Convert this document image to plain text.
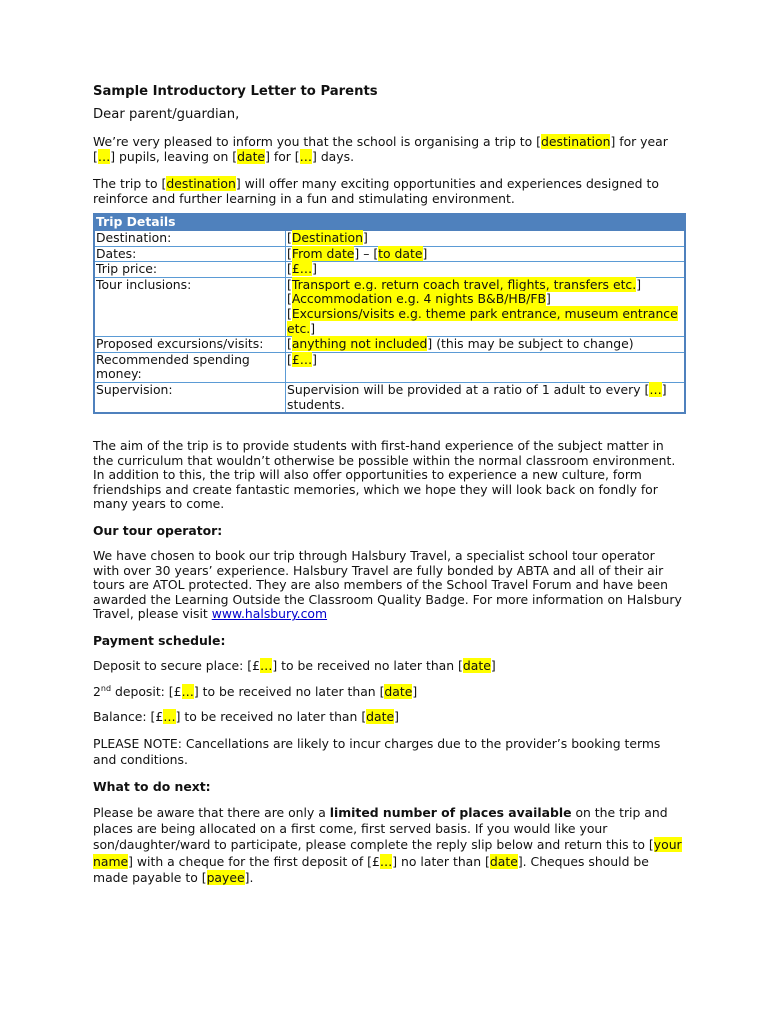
Sample Introductory Letter to Parents

Dear parent/guardian,

We’re very pleased to inform you that the school is organising a trip to [destination] for year […] pupils, leaving on [date] for […] days.

The trip to [destination] will offer many exciting opportunities and experiences designed to reinforce and further learning in a fun and stimulating environment.

Trip Details	
Destination:	[Destination]
Dates:	[From date] – [to date]
Trip price:	[£…]
Tour inclusions:	[Transport e.g. return coach travel, flights, transfers etc.]
[Accommodation e.g. 4 nights B&B/HB/FB]
[Excursions/visits e.g. theme park entrance, museum entrance etc.]

Proposed excursions/visits:	[anything not included] (this may be subject to change)
Recommended spending money:	[£…]
Supervision:	Supervision will be provided at a ratio of 1 adult to every […] students.

The aim of the trip is to provide students with first-hand experience of the subject matter in the curriculum that wouldn’t otherwise be possible within the normal classroom environment. In addition to this, the trip will also offer opportunities to experience a new culture, form friendships and create fantastic memories, which we hope they will look back on fondly for many years to come.

Our tour operator:

We have chosen to book our trip through Halsbury Travel, a specialist school tour operator with over 30 years’ experience. Halsbury Travel are fully bonded by ABTA and all of their air tours are ATOL protected. They are also members of the School Travel Forum and have been awarded the Learning Outside the Classroom Quality Badge. For more information on Halsbury Travel, please visit www.halsbury.com

Payment schedule:

Deposit to secure place: [£…] to be received no later than [date]

2nd deposit: [£…] to be received no later than [date]

Balance: [£…] to be received no later than [date]

PLEASE NOTE: Cancellations are likely to incur charges due to the provider’s booking terms and conditions.

What to do next:

Please be aware that there are only a limited number of places available on the trip and places are being allocated on a first come, first served basis. If you would like your son/daughter/ward to participate, please complete the reply slip below and return this to [your name] with a cheque for the first deposit of [£…] no later than [date]. Cheques should be made payable to [payee].
